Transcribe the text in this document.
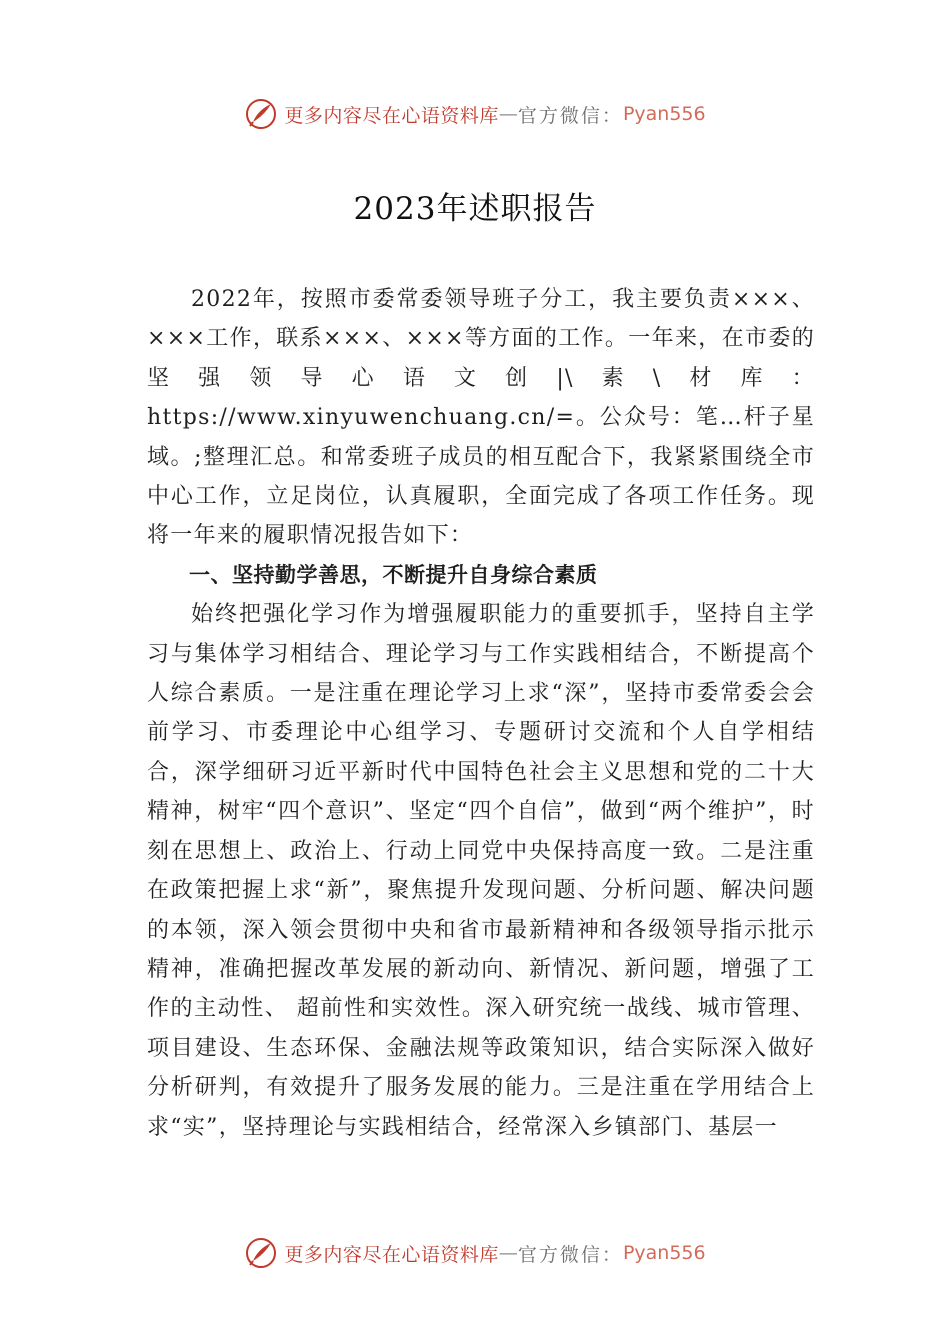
更多内容尽在心语资料库 — 官方微信： Pyan556
2023年述职报告

2022年，按照市委常委领导班子分工，我主要负责×××、×××工作，联系×××、×××等方面的工作。一年来，在市委的坚强领导心语文创|\素\材库：https://www.xinyuwenchuang.cn/=。公众号：笔…杆子星域。;整理汇总。和常委班子成员的相互配合下，我紧紧围绕全市中心工作，立足岗位，认真履职，全面完成了各项工作任务。现将一年来的履职情况报告如下：

一、坚持勤学善思，不断提升自身综合素质

始终把强化学习作为增强履职能力的重要抓手，坚持自主学习与集体学习相结合、理论学习与工作实践相结合，不断提高个人综合素质。一是注重在理论学习上求“深”，坚持市委常委会会前学习、市委理论中心组学习、专题研讨交流和个人自学相结合，深学细研习近平新时代中国特色社会主义思想和党的二十大精神，树牢“四个意识”、坚定“四个自信”，做到“两个维护”，时刻在思想上、政治上、行动上同党中央保持高度一致。二是注重在政策把握上求“新”，聚焦提升发现问题、分析问题、解决问题的本领，深入领会贯彻中央和省市最新精神和各级领导指示批示精神，准确把握改革发展的新动向、新情况、新问题，增强了工作的主动性、 超前性和实效性。深入研究统一战线、城市管理、项目建设、生态环保、金融法规等政策知识，结合实际深入做好分析研判，有效提升了服务发展的能力。三是注重在学用结合上求“实”，坚持理论与实践相结合，经常深入乡镇部门、基层一

更多内容尽在心语资料库 — 官方微信： Pyan556
